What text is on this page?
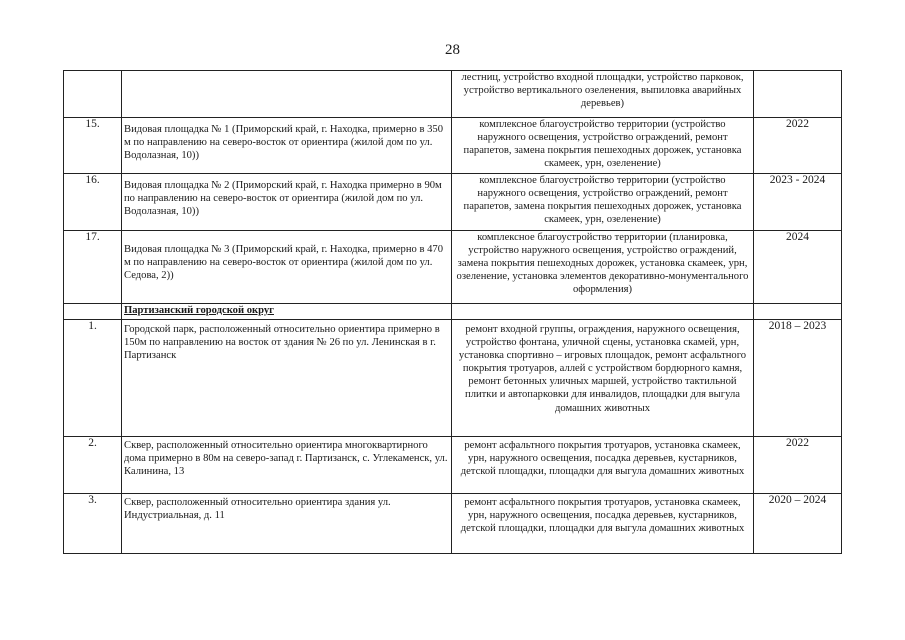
28
		лестниц, устройство входной площадки, устройство парковок, устройство вертикального озеленения, выпиловка аварийных деревьев)	
15.	Видовая площадка № 1 (Приморский край, г. Находка, примерно в 350 м по направлению на северо-восток от ориентира (жилой дом по ул. Водолазная, 10))	комплексное благоустройство территории (устройство наружного освещения, устройство ограждений, ремонт парапетов, замена покрытия пешеходных дорожек, установка скамеек, урн, озеленение)	2022
16.	Видовая площадка № 2 (Приморский край, г. Находка примерно в 90м по направлению на северо-восток от ориентира (жилой дом по ул. Водолазная, 10))	комплексное благоустройство территории (устройство наружного освещения, устройство ограждений, ремонт парапетов, замена покрытия пешеходных дорожек, установка скамеек, урн, озеленение)	2023 - 2024
17.	Видовая площадка № 3 (Приморский край, г. Находка, примерно в 470 м по направлению на северо-восток от ориентира (жилой дом по ул. Седова, 2))	комплексное благоустройство территории (планировка, устройство наружного освещения, устройство ограждений, замена покрытия пешеходных дорожек, установка скамеек, урн, озеленение, установка элементов декоративно-монументального оформления)	2024
	Партизанский городской округ		
1.	Городской парк, расположенный относительно ориентира примерно в 150м по направлению на восток от здания № 26 по ул. Ленинская в г. Партизанск	ремонт входной группы, ограждения, наружного освещения, устройство фонтана, уличной сцены, установка скамей, урн, установка спортивно – игровых площадок, ремонт асфальтного покрытия тротуаров, аллей с устройством бордюрного камня, ремонт бетонных уличных маршей, устройство тактильной плитки и автопарковки для инвалидов, площадки для выгула домашних животных	2018 – 2023
2.	Сквер, расположенный относительно ориентира многоквартирного дома примерно в 80м на северо-запад г. Партизанск, с. Углекаменск, ул. Калинина, 13	ремонт асфальтного покрытия тротуаров, установка скамеек, урн, наружного освещения, посадка деревьев, кустарников, детской площадки, площадки для выгула домашних животных	2022
3.	Сквер, расположенный относительно ориентира здания ул. Индустриальная, д. 11	ремонт асфальтного покрытия тротуаров, установка скамеек, урн, наружного освещения, посадка деревьев, кустарников, детской площадки, площадки для выгула домашних животных	2020 – 2024
